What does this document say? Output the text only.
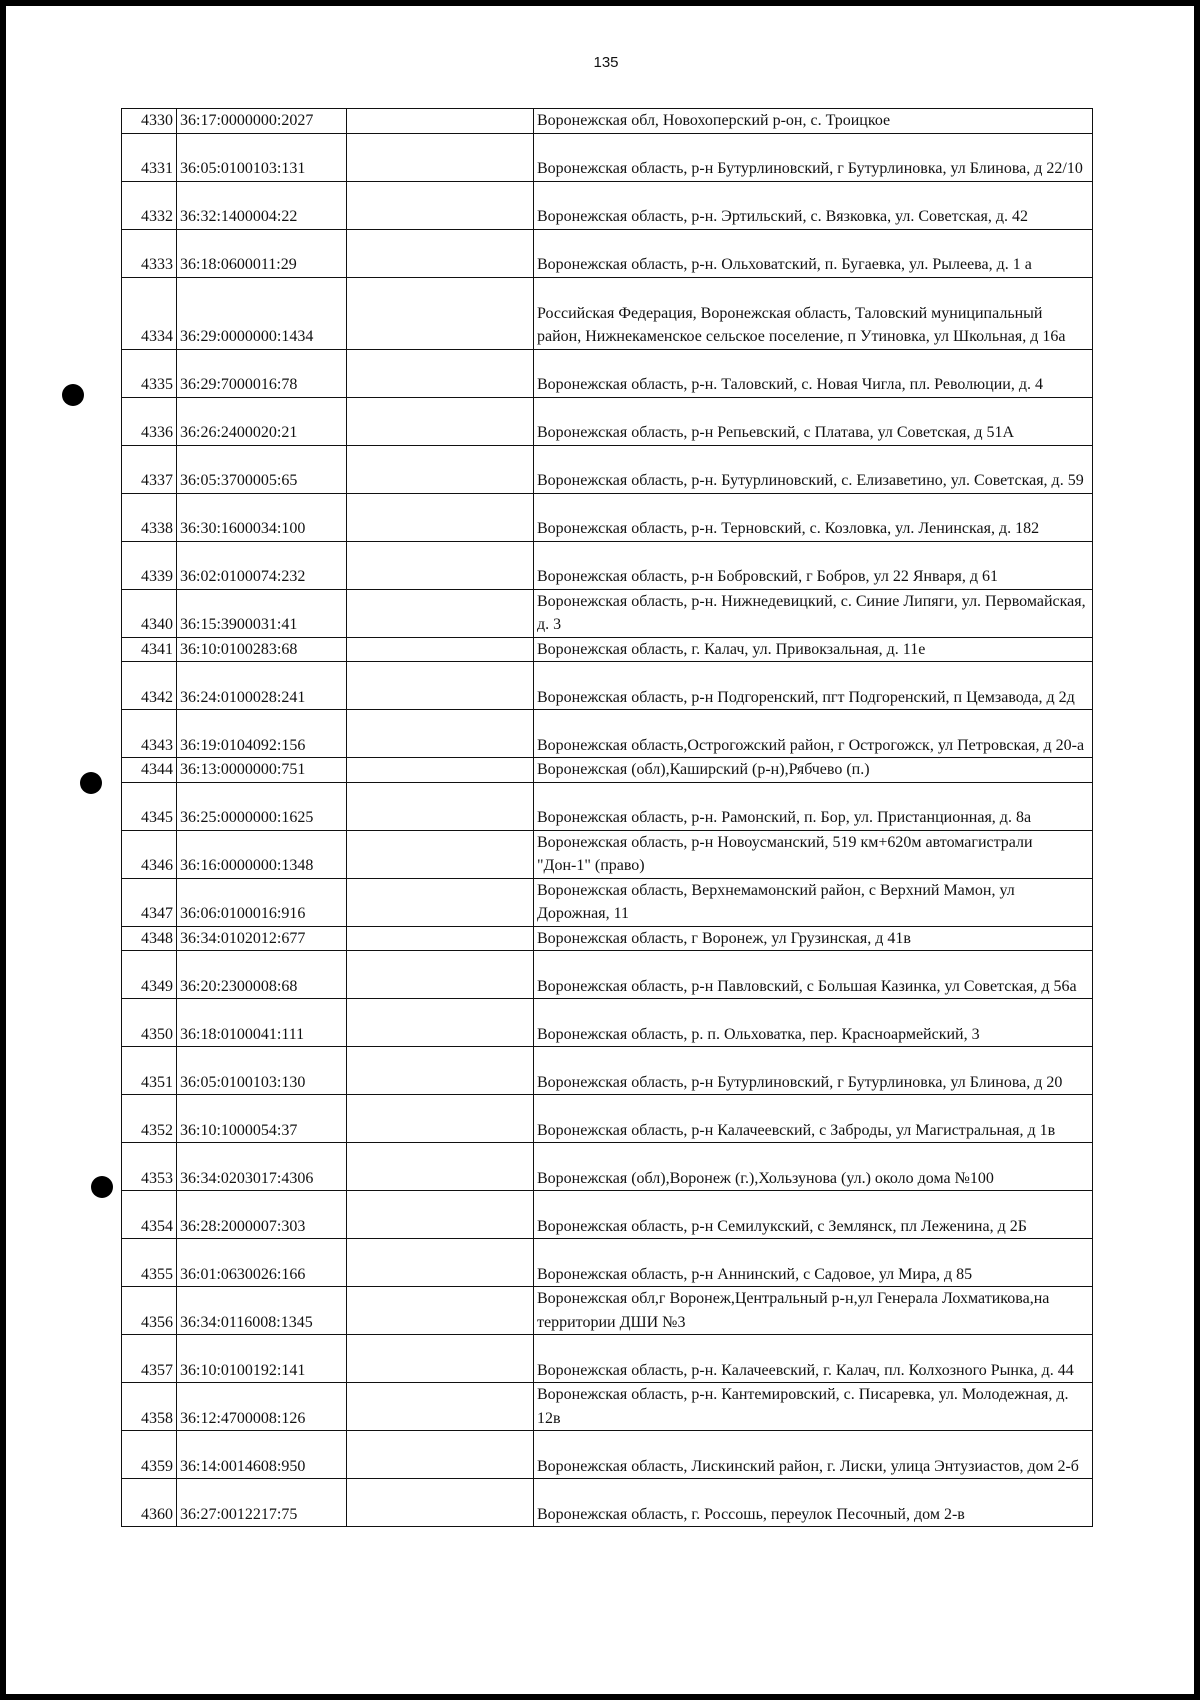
135
4330	36:17:0000000:2027		Воронежская обл, Новохоперский р-он, с. Троицкое
4331	36:05:0100103:131		Воронежская область, р-н Бутурлиновский, г Бутурлиновка, ул Блинова, д 22/10
4332	36:32:1400004:22		Воронежская область, р-н. Эртильский, с. Вязковка, ул. Советская, д. 42
4333	36:18:0600011:29		Воронежская область, р-н. Ольховатский, п. Бугаевка, ул. Рылеева, д. 1 а
4334	36:29:0000000:1434		Российская Федерация, Воронежская область, Таловский муниципальный район, Нижнекаменское сельское поселение, п Утиновка, ул Школьная, д 16а
4335	36:29:7000016:78		Воронежская область, р-н. Таловский, с. Новая Чигла, пл. Революции, д. 4
4336	36:26:2400020:21		Воронежская область, р-н Репьевский, с Платава, ул Советская, д 51А
4337	36:05:3700005:65		Воронежская область, р-н. Бутурлиновский, с. Елизаветино, ул. Советская, д. 59
4338	36:30:1600034:100		Воронежская область, р-н. Терновский, с. Козловка, ул. Ленинская, д. 182
4339	36:02:0100074:232		Воронежская область, р-н Бобровский, г Бобров, ул 22 Января, д 61
4340	36:15:3900031:41		Воронежская область, р-н. Нижнедевицкий, с. Синие Липяги, ул. Первомайская, д. 3
4341	36:10:0100283:68		Воронежская область, г. Калач, ул. Привокзальная, д. 11е
4342	36:24:0100028:241		Воронежская область, р-н Подгоренский, пгт Подгоренский, п Цемзавода, д 2д
4343	36:19:0104092:156		Воронежская область,Острогожский район, г Острогожск, ул Петровская, д 20-а
4344	36:13:0000000:751		Воронежская (обл),Каширский (р-н),Рябчево (п.)
4345	36:25:0000000:1625		Воронежская область, р-н. Рамонский, п. Бор, ул. Пристанционная, д. 8а
4346	36:16:0000000:1348		Воронежская область, р-н Новоусманский, 519 км+620м автомагистрали "Дон-1" (право)
4347	36:06:0100016:916		Воронежская область, Верхнемамонский район, с Верхний Мамон, ул Дорожная, 11
4348	36:34:0102012:677		Воронежская область, г Воронеж, ул Грузинская, д 41в
4349	36:20:2300008:68		Воронежская область, р-н Павловский, с Большая Казинка, ул Советская, д 56а
4350	36:18:0100041:111		Воронежская область, р. п. Ольховатка, пер. Красноармейский, 3
4351	36:05:0100103:130		Воронежская область, р-н Бутурлиновский, г Бутурлиновка, ул Блинова, д 20
4352	36:10:1000054:37		Воронежская область, р-н Калачеевский, с Заброды, ул Магистральная, д 1в
4353	36:34:0203017:4306		Воронежская (обл),Воронеж (г.),Хользунова (ул.) около дома №100
4354	36:28:2000007:303		Воронежская область, р-н Семилукский, с Землянск, пл Леженина, д 2Б
4355	36:01:0630026:166		Воронежская область, р-н Аннинский, с Садовое, ул Мира, д 85
4356	36:34:0116008:1345		Воронежская обл,г Воронеж,Центральный р-н,ул Генерала Лохматикова,на территории ДШИ №3
4357	36:10:0100192:141		Воронежская область, р-н. Калачеевский, г. Калач, пл. Колхозного Рынка, д. 44
4358	36:12:4700008:126		Воронежская область, р-н. Кантемировский, с. Писаревка, ул. Молодежная, д. 12в
4359	36:14:0014608:950		Воронежская область, Лискинский район, г. Лиски, улица Энтузиастов, дом 2-б
4360	36:27:0012217:75		Воронежская область, г. Россошь, переулок Песочный, дом 2-в
